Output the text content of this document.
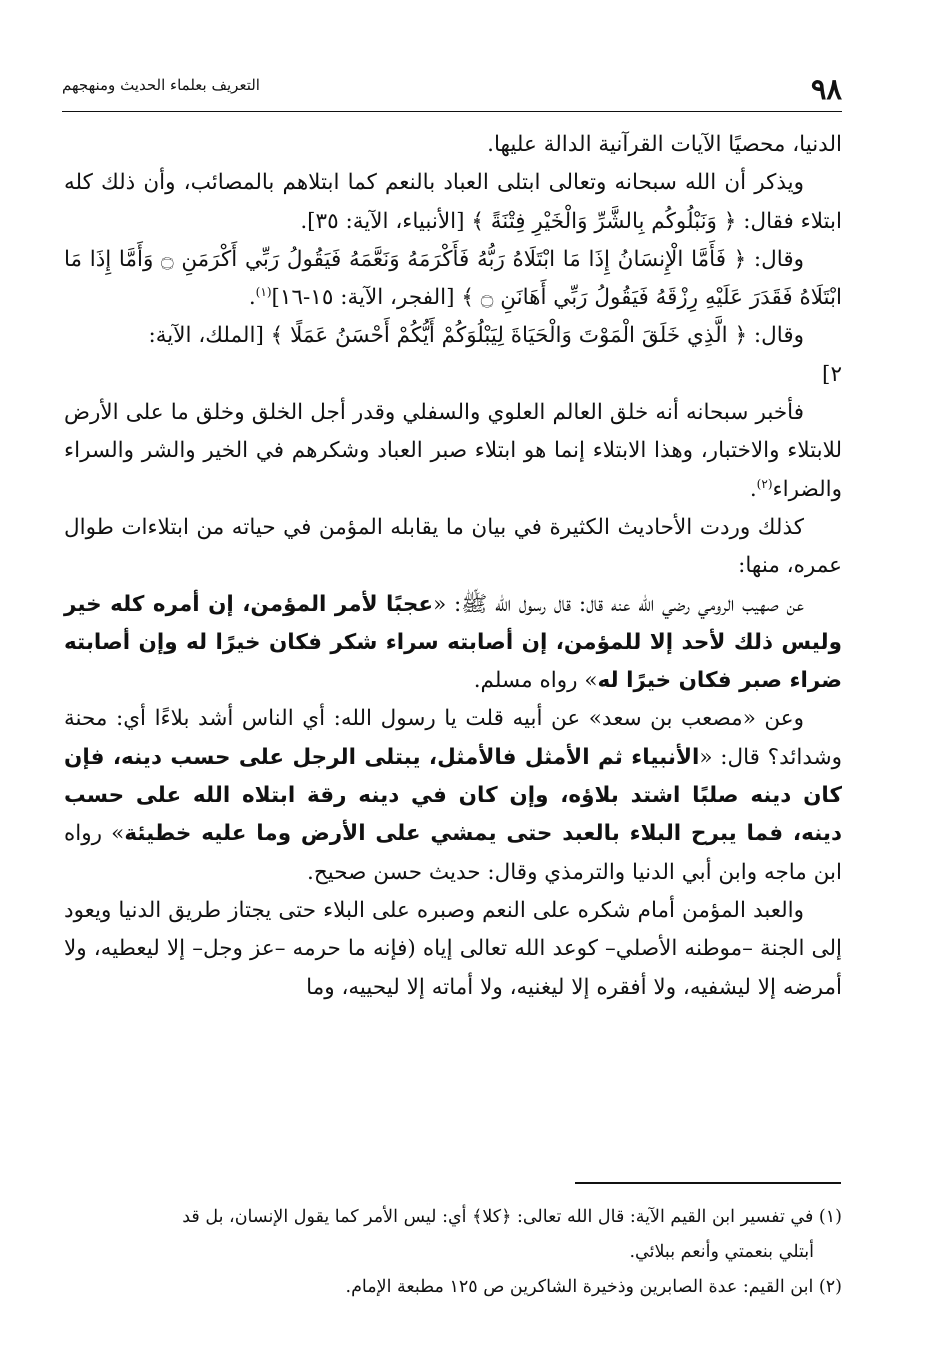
٩٨
التعريف بعلماء الحديث ومنهجهم

الدنيا، محصيًا الآيات القرآنية الدالة عليها.

ويذكر أن الله سبحانه وتعالى ابتلى العباد بالنعم كما ابتلاهم بالمصائب، وأن ذلك كله ابتلاء فقال: ﴿ وَنَبْلُوكُم بِالشَّرِّ وَالْخَيْرِ فِتْنَةً ﴾ [الأنبياء، الآية: ٣٥].

وقال: ﴿ فَأَمَّا الْإِنسَانُ إِذَا مَا ابْتَلَاهُ رَبُّهُ فَأَكْرَمَهُ وَنَعَّمَهُ فَيَقُولُ رَبِّي أَكْرَمَنِ ۝ وَأَمَّا إِذَا مَا ابْتَلَاهُ فَقَدَرَ عَلَيْهِ رِزْقَهُ فَيَقُولُ رَبِّي أَهَانَنِ ۝ ﴾ [الفجر، الآية: ١٥-١٦]$^{(١)}$.

وقال: ﴿ الَّذِي خَلَقَ الْمَوْتَ وَالْحَيَاةَ لِيَبْلُوَكُمْ أَيُّكُمْ أَحْسَنُ عَمَلًا ﴾ [الملك، الآية:

٢]

فأخبر سبحانه أنه خلق العالم العلوي والسفلي وقدر أجل الخلق وخلق ما على الأرض للابتلاء والاختبار، وهذا الابتلاء إنما هو ابتلاء صبر العباد وشكرهم في الخير والشر والسراء والضراء$^{(٢)}$.

كذلك وردت الأحاديث الكثيرة في بيان ما يقابله المؤمن في حياته من ابتلاءات طوال عمره، منها:

عن صهيب الرومي رضي الله عنه قال: قال رسول الله ﷺ: «عجبًا لأمر المؤمن، إن أمره كله خير وليس ذلك لأحد إلا للمؤمن، إن أصابته سراء شكر فكان خيرًا له وإن أصابته ضراء صبر فكان خيرًا له» رواه مسلم.

وعن «مصعب بن سعد» عن أبيه قلت يا رسول الله: أي الناس أشد بلاءًا أي: محنة وشدائد؟ قال: «الأنبياء ثم الأمثل فالأمثل، يبتلى الرجل على حسب دينه، فإن كان دينه صلبًا اشتد بلاؤه، وإن كان في دينه رقة ابتلاه الله على حسب دينه، فما يبرح البلاء بالعبد حتى يمشي على الأرض وما عليه خطيئة» رواه ابن ماجه وابن أبي الدنيا والترمذي وقال: حديث حسن صحيح.

والعبد المؤمن أمام شكره على النعم وصبره على البلاء حتى يجتاز طريق الدنيا ويعود إلى الجنة –موطنه الأصلي– كوعد الله تعالى إياه (فإنه ما حرمه –عز وجل– إلا ليعطيه، ولا أمرضه إلا ليشفيه، ولا أفقره إلا ليغنيه، ولا أماته إلا ليحييه، وما

(١) في تفسير ابن القيم الآية: قال الله تعالى: ﴿كلا﴾ أي: ليس الأمر كما يقول الإنسان، بل قد

أبتلي بنعمتي وأنعم ببلائي.

(٢) ابن القيم: عدة الصابرين وذخيرة الشاكرين ص ١٢٥ مطبعة الإمام.
